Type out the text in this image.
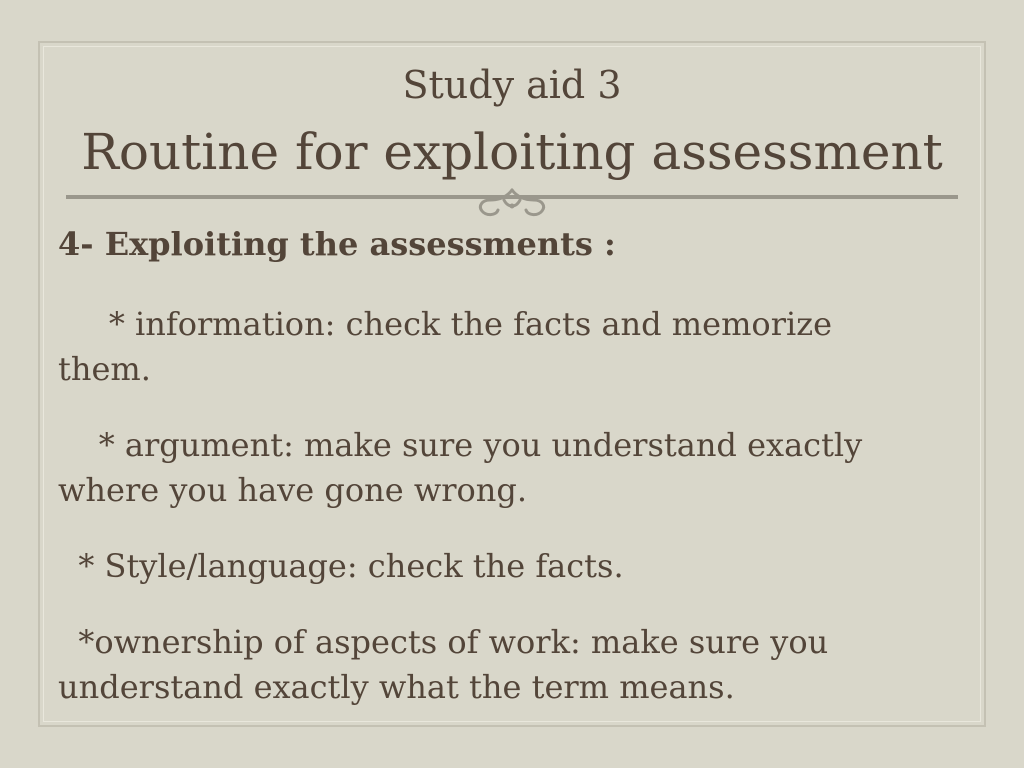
Study aid 3
Routine for exploiting assessment
4- Exploiting the assessments :
* information: check the facts and memorize
them.
* argument: make sure you understand exactly
where you have gone wrong.
* Style/language: check the facts.
*ownership of aspects of work: make sure you
understand exactly what the term means.
